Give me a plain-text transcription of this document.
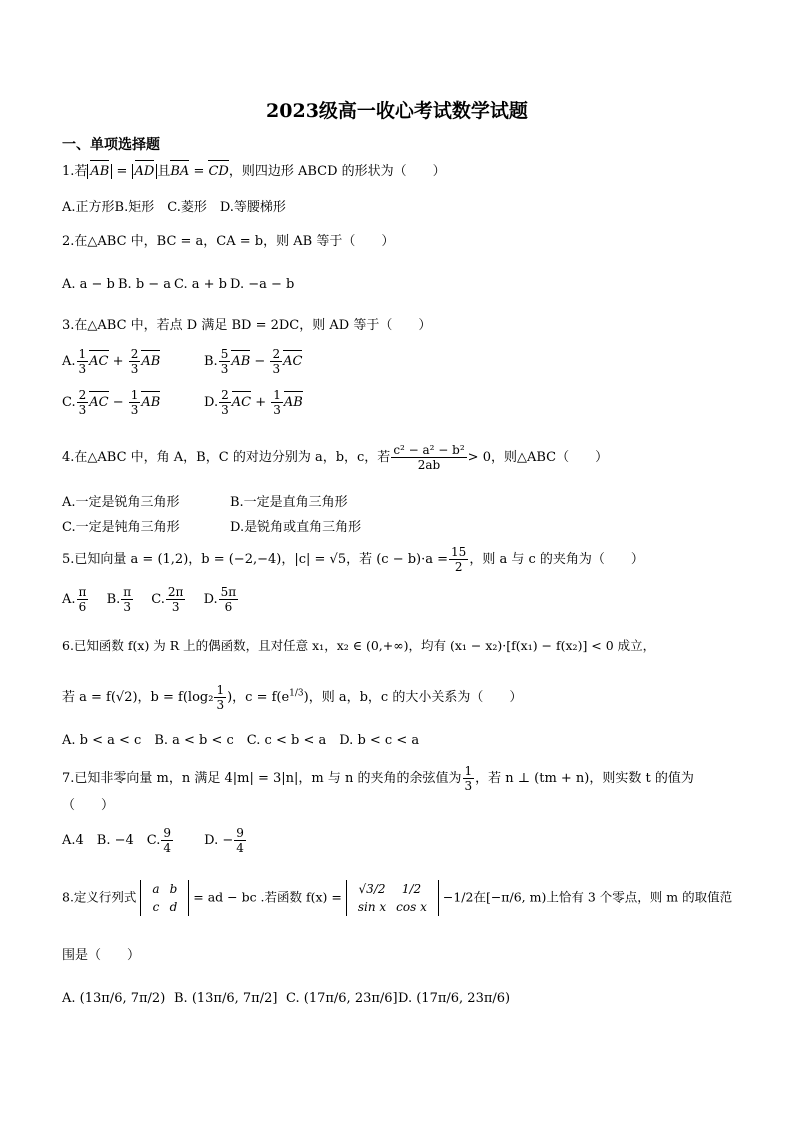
2023级高一收心考试数学试题
一、单项选择题
1.若 AB = AD 且BA = CD，则四边形 ABCD 的形状为（　　）
A.正方形B.矩形　C.菱形　D.等腰梯形
2.在△ABC 中，BC = a，CA = b，则 AB 等于（　　）
A. a − b B. b − a C. a + b D. −a − b
3.在△ABC 中，若点 D 满足 BD = 2DC，则 AD 等于（　　）
A. $\frac{1}{3}$ AC + $\frac{2}{3}$ AB	B. $\frac{5}{3}$ AB − $\frac{2}{3}$ AC
C. $\frac{2}{3}$ AC − $\frac{1}{3}$ AB	D. $\frac{2}{3}$ AC + $\frac{1}{3}$ AB
4.在△ABC 中，角 A，B，C 的对边分别为 a，b，c，若 $\frac{\text{c² − a² − b²}}{2ab} > 0$，则△ABC（　　）
A.一定是锐角三角形	B.一定是直角三角形
C.一定是钝角三角形	D.是锐角或直角三角形
5.已知向量 a = (1,2)，b = (−2,−4)，|c| = √5，若 $(c - b)\cdot a = \frac{15}{2}$ ，则 a 与 c 的夹角为（　　）
A. $\frac{\pi}{6}$
　 B. $\frac{\pi}{3}$
　 C. $\frac{2\pi}{3}$
　 D. $\frac{5\pi}{6}$
6.已知函数 f(x) 为 R 上的偶函数，且对任意 x₁，x₂ ∈ (0,+∞)，均有 (x₁ − x₂)·[f(x₁) − f(x₂)] < 0 成立，
若 a = f(√2)，$b = f(\log_2 \frac{1}{3}$ )，$c = f(e^{1/3})$，则 a，b，c 的大小关系为（　　）
A. b < a < c　B. a < b < c　C. c < b < a　D. b < c < a
7.已知非零向量 m，n 满足 4|m| = 3|n|，m 与 n 的夹角的余弦值为 $\frac{1}{3}$ ，若 n ⊥ (tm + n)，则实数 t 的值为
（　　）
A.4　B. −4　C. $\frac{9}{4}$
　　 D. − $\frac{9}{4}$
8.定义行列式
a	b
c	d
= ad − bc .若函数 f(x) =
√3/2	1/2
sin x	cos x
−1/2在[−π/6, m)上恰有 3 个零点，则 m 的取值范
围是（　　）
A. (13π/6, 7π/2) B. (13π/6, 7π/2] C. (17π/6, 23π/6] D. (17π/6, 23π/6)
